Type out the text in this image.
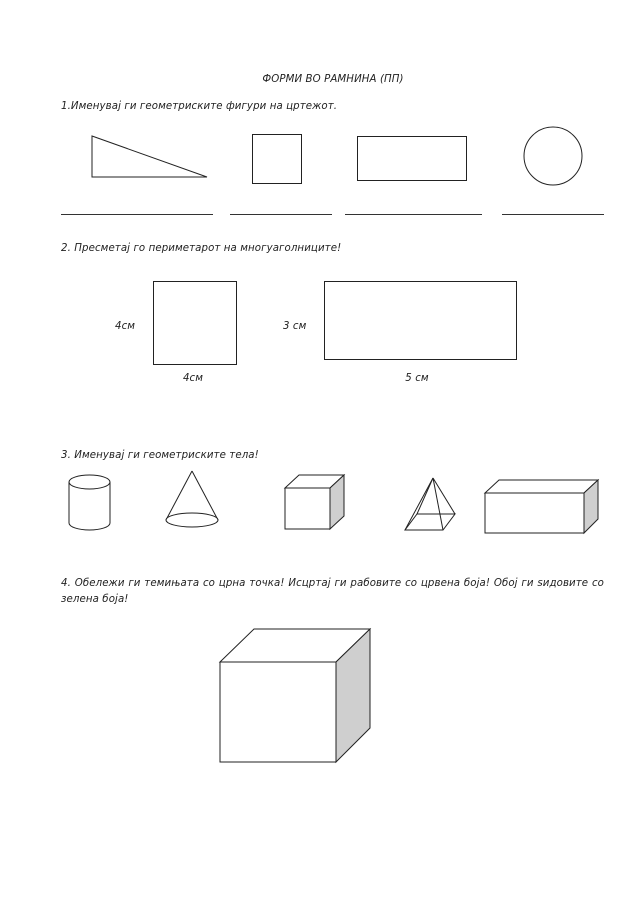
ФОРМИ ВО РАМНИНА (ПП)
1.Именувај ги геометриските фигури на цртежот.
2. Пресметај го периметарот на многуаголниците!
4см
4см
3 см
5 см
3. Именувај ги геометриските тела!
4. Обележи ги темињата со црна точка! Исцртај ги рабовите со црвена боја! Обој ги ѕидовите со зелена боја!
